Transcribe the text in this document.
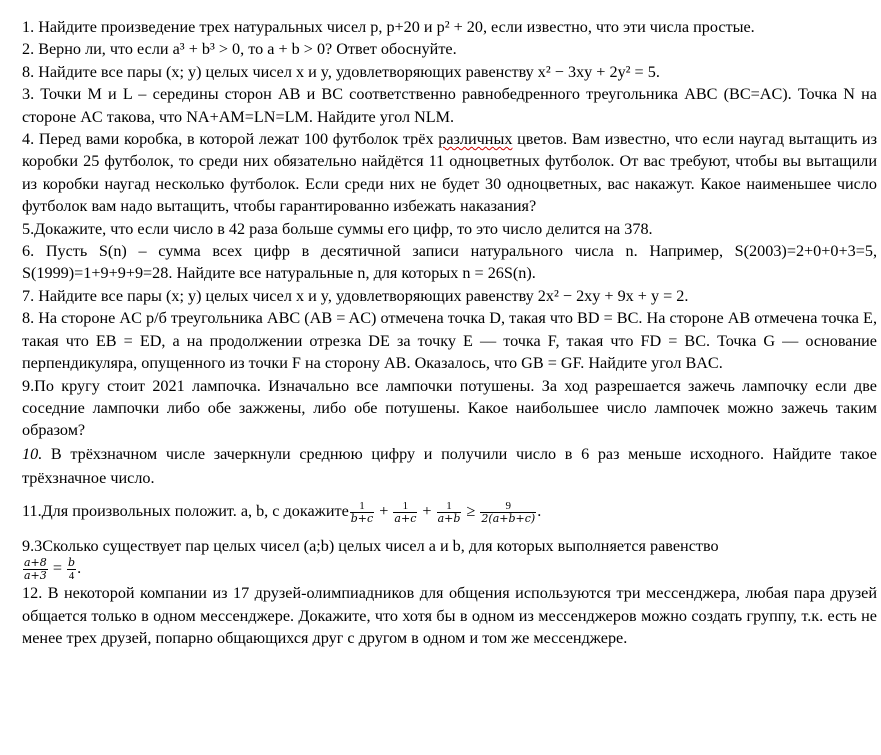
1. Найдите произведение трех натуральных чисел p, p+20 и p² + 20, если известно, что эти числа простые.

2. Верно ли, что если a³ + b³ > 0, то a + b > 0? Ответ обоснуйте.

8. Найдите все пары (x; y) целых чисел x и y, удовлетворяющих равенству x² − 3xy + 2y² = 5.

3. Точки M и L – середины сторон AB и BC соответственно равнобедренного треугольника ABC (BC=AC). Точка N на стороне AC такова, что NA+AM=LN=LM. Найдите угол NLM.

4. Перед вами коробка, в которой лежат 100 футболок трёх различных цветов. Вам известно, что если наугад вытащить из коробки 25 футболок, то среди них обязательно найдётся 11 одноцветных футболок. От вас требуют, чтобы вы вытащили из коробки наугад несколько футболок. Если среди них не будет 30 одноцветных, вас накажут. Какое наименьшее число футболок вам надо вытащить, чтобы гарантированно избежать наказания?

5.Докажите, что если число в 42 раза больше суммы его цифр, то это число делится на 378.

6. Пусть S(n) – сумма всех цифр в десятичной записи натурального числа n. Например, S(2003)=2+0+0+3=5, S(1999)=1+9+9+9=28. Найдите все натуральные n, для которых n = 26S(n).

7. Найдите все пары (x; y) целых чисел x и y, удовлетворяющих равенству 2x² − 2xy + 9x + y = 2.

8. На стороне AC р/б треугольника ABC (AB = AC) отмечена точка D, такая что BD = BC. На стороне AB отмечена точка E, такая что EB = ED, а на продолжении отрезка DE за точку E — точка F, такая что FD = BC. Точка G — основание перпендикуляра, опущенного из точки F на сторону AB. Оказалось, что GB = GF. Найдите угол BAC.

9.По кругу стоит 2021 лампочка. Изначально все лампочки потушены. За ход разрешается зажечь лампочку если две соседние лампочки либо обе зажжены, либо обе потушены. Какое наибольшее число лампочек можно зажечь таким образом?

10. В трёхзначном числе зачеркнули среднюю цифру и получили число в 6 раз меньше исходного. Найдите такое трёхзначное число.

11.Для произвольных положит. a, b, c докажите $\frac{1}{b+c} + \frac{1}{a+c} + \frac{1}{a+b} \ge \frac{9}{2(a+b+c)}$ .

9.3Сколько существует пар целых чисел (a;b) целых чисел a и b, для которых выполняется равенство

$\frac{a+8}{a+3} = \frac{b}{4}$ .

12. В некоторой компании из 17 друзей-олимпиадников для общения используются три мессенджера, любая пара друзей общается только в одном мессенджере. Докажите, что хотя бы в одном из мессенджеров можно создать группу, т.к. есть не менее трех друзей, попарно общающихся друг с другом в одном и том же мессенджере.
